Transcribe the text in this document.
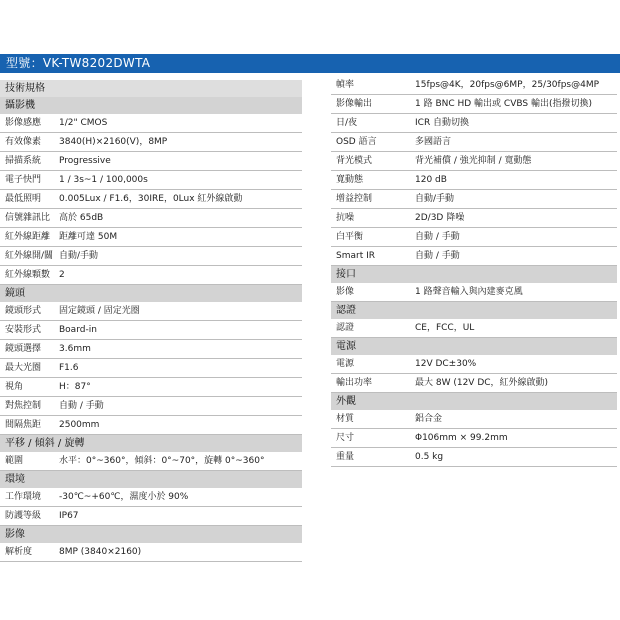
型號：VK-TW8202DWTA
技術規格
攝影機
影像感應 1/2" CMOS
有效像素 3840(H)×2160(V)，8MP
掃描系統 Progressive
電子快門 1 / 3s~1 / 100,000s
最低照明 0.005Lux / F1.6，30IRE，0Lux 紅外線啟動
信號雜訊比 高於 65dB
紅外線距離 距離可達 50M
紅外線開/關 自動/手動
紅外線顆數 2
鏡頭
鏡頭形式 固定鏡頭 / 固定光圈
安裝形式 Board-in
鏡頭選擇 3.6mm
最大光圈 F1.6
視角	H：87°
對焦控制 自動 / 手動
間隔焦距 2500mm
平移 / 傾斜 / 旋轉
範圍	水平：0°~360°，傾斜：0°~70°，旋轉 0°~360°
環境
工作環境 -30℃~+60℃，濕度小於 90%
防護等級 IP67
影像
解析度	8MP (3840×2160)
幀率	15fps@4K，20fps@6MP，25/30fps@4MP
影像輸出	1 路 BNC HD 輸出或 CVBS 輸出(指撥切換)
日/夜	ICR 自動切換
OSD 語言	多國語言
背光模式	背光補償 / 強光抑制 / 寬動態
寬動態	120 dB
增益控制	自動/手動
抗噪	2D/3D 降噪
白平衡	自動 / 手動
Smart IR	自動 / 手動
接口
影像	1 路聲音輸入與內建麥克風
認證
認證	CE，FCC，UL
電源
電源	12V DC±30%
輸出功率	最大 8W (12V DC，紅外線啟動)
外觀
材質	鋁合金
尺寸	Φ106mm × 99.2mm
重量	0.5 kg
